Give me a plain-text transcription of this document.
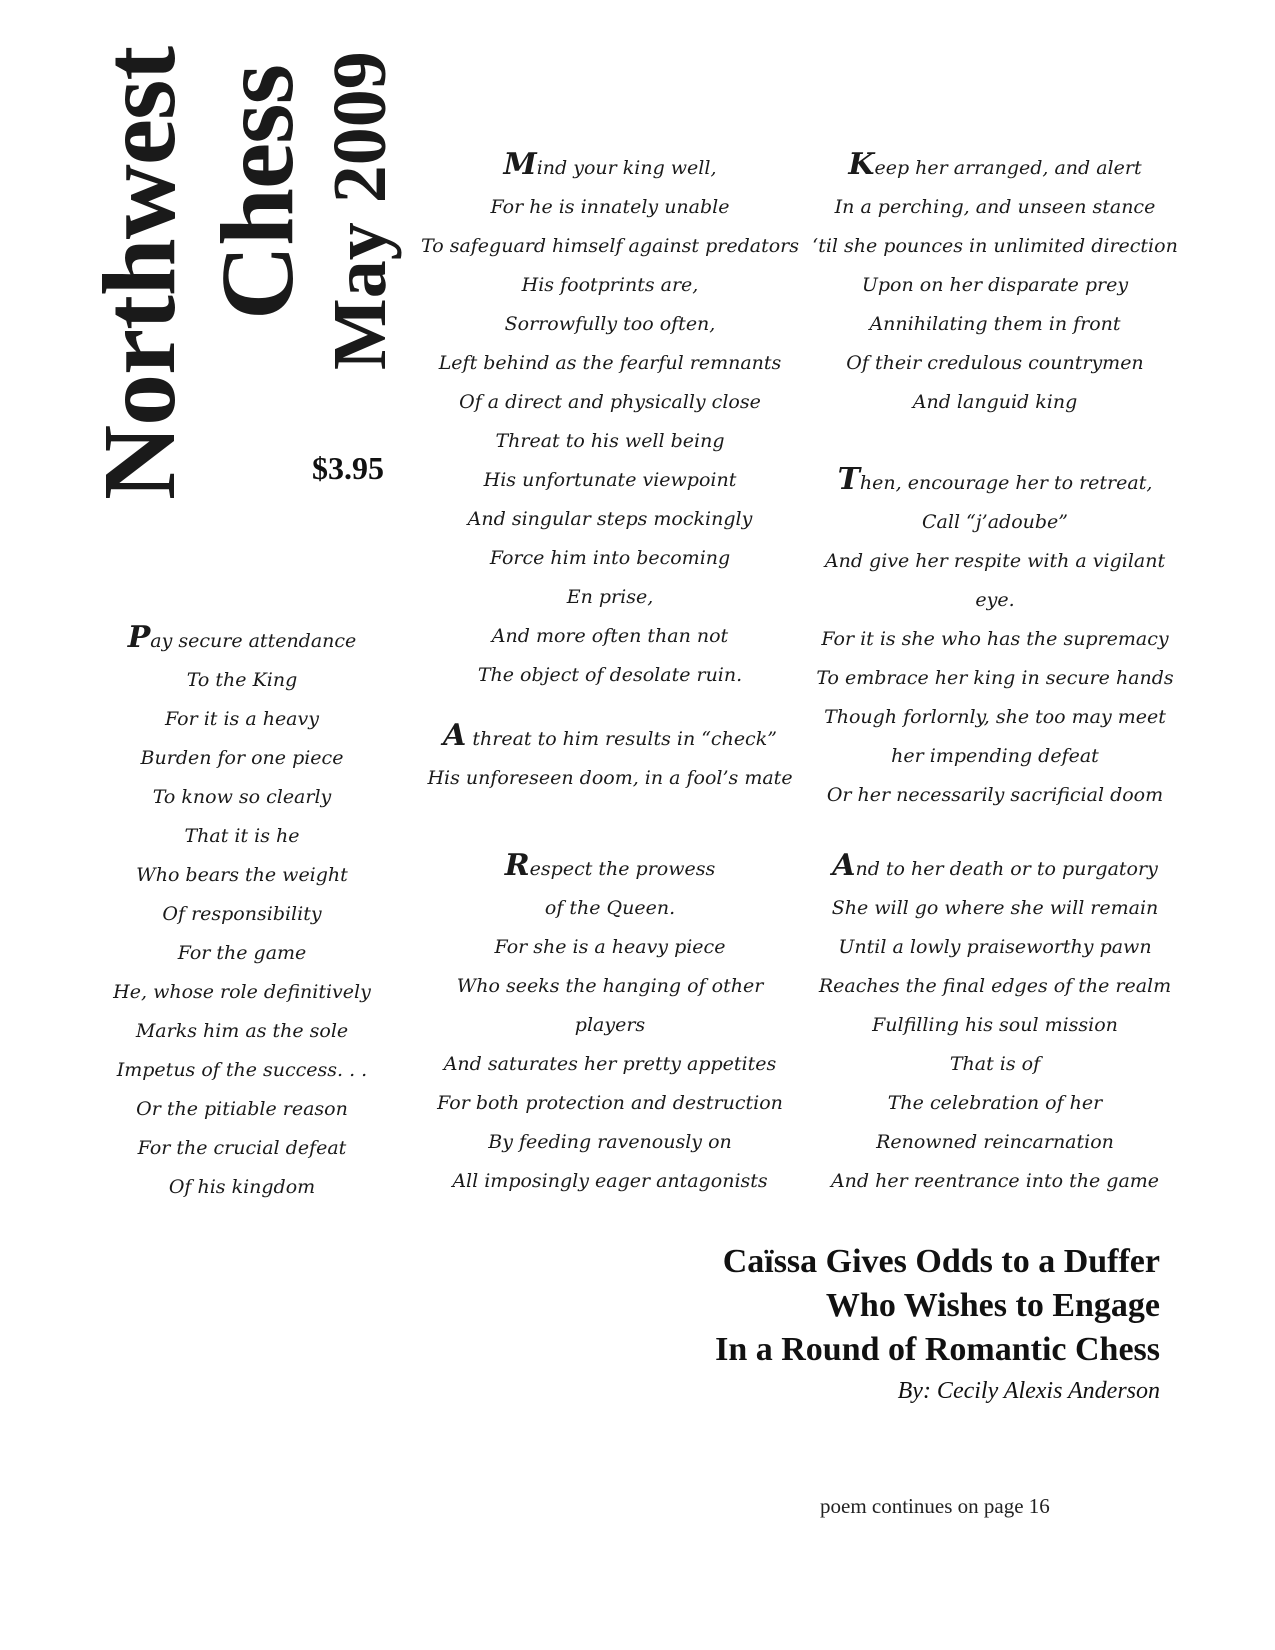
Northwest Chess May 2009
$3.95
Pay secure attendance
To the King
For it is a heavy
Burden for one piece
To know so clearly
That it is he
Who bears the weight
Of responsibility
For the game
He, whose role definitively
Marks him as the sole
Impetus of the success. . .
Or the pitiable reason
For the crucial defeat
Of his kingdom
Mind your king well,
For he is innately unable
To safeguard himself against predators
His footprints are,
Sorrowfully too often,
Left behind as the fearful remnants
Of a direct and physically close
Threat to his well being
His unfortunate viewpoint
And singular steps mockingly
Force him into becoming
En prise,
And more often than not
The object of desolate ruin.
A threat to him results in “check”
His unforeseen doom, in a fool’s mate
Respect the prowess
of the Queen.
For she is a heavy piece
Who seeks the hanging of other
players
And saturates her pretty appetites
For both protection and destruction
By feeding ravenously on
All imposingly eager antagonists
Keep her arranged, and alert
In a perching, and unseen stance
‘til she pounces in unlimited direction
Upon on her disparate prey
Annihilating them in front
Of their credulous countrymen
And languid king
Then, encourage her to retreat,
Call “j’adoube”
And give her respite with a vigilant
eye.
For it is she who has the supremacy
To embrace her king in secure hands
Though forlornly, she too may meet
her impending defeat
Or her necessarily sacrificial doom
And to her death or to purgatory
She will go where she will remain
Until a lowly praiseworthy pawn
Reaches the final edges of the realm
Fulfilling his soul mission
That is of
The celebration of her
Renowned reincarnation
And her reentrance into the game
Caïssa Gives Odds to a Duffer
Who Wishes to Engage
In a Round of Romantic Chess
By: Cecily Alexis Anderson
poem continues on page 16
